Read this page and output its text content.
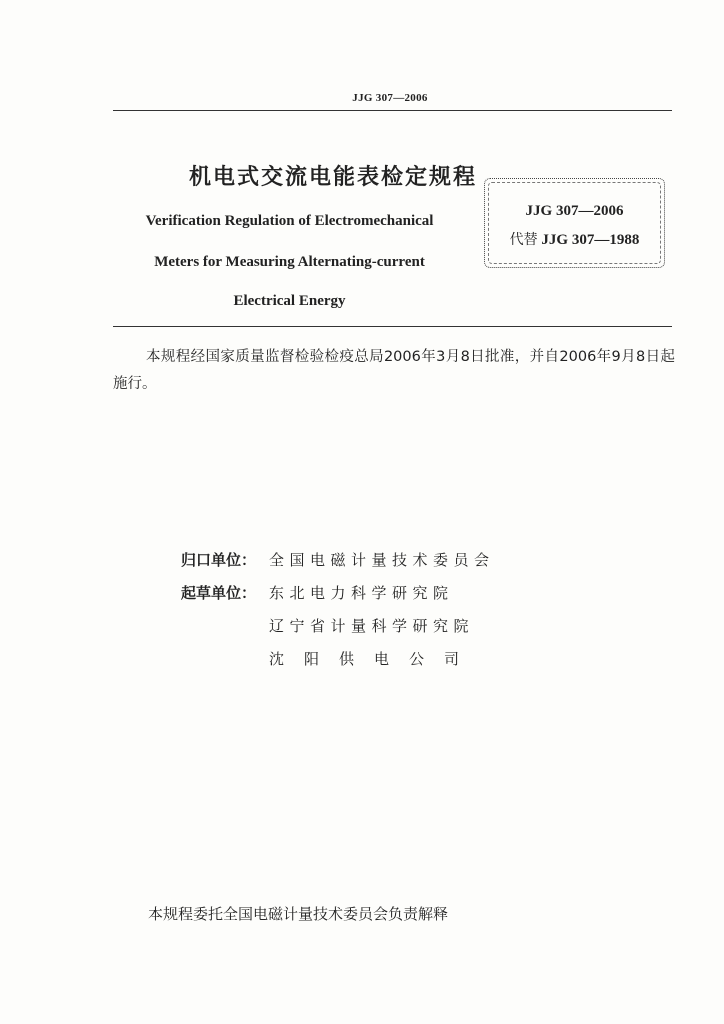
JJG 307—2006
机电式交流电能表检定规程
Verification Regulation of Electromechanical
Meters for Measuring Alternating-current
Electrical Energy
JJG 307—2006
代替 JJG 307—1988
本规程经国家质量监督检验检疫总局2006年3月8日批准，并自2006年9月8日起施行。
归口单位： 全国电磁计量技术委员会
起草单位： 东北电力科学研究院
辽宁省计量科学研究院
沈阳供电公司
本规程委托全国电磁计量技术委员会负责解释
